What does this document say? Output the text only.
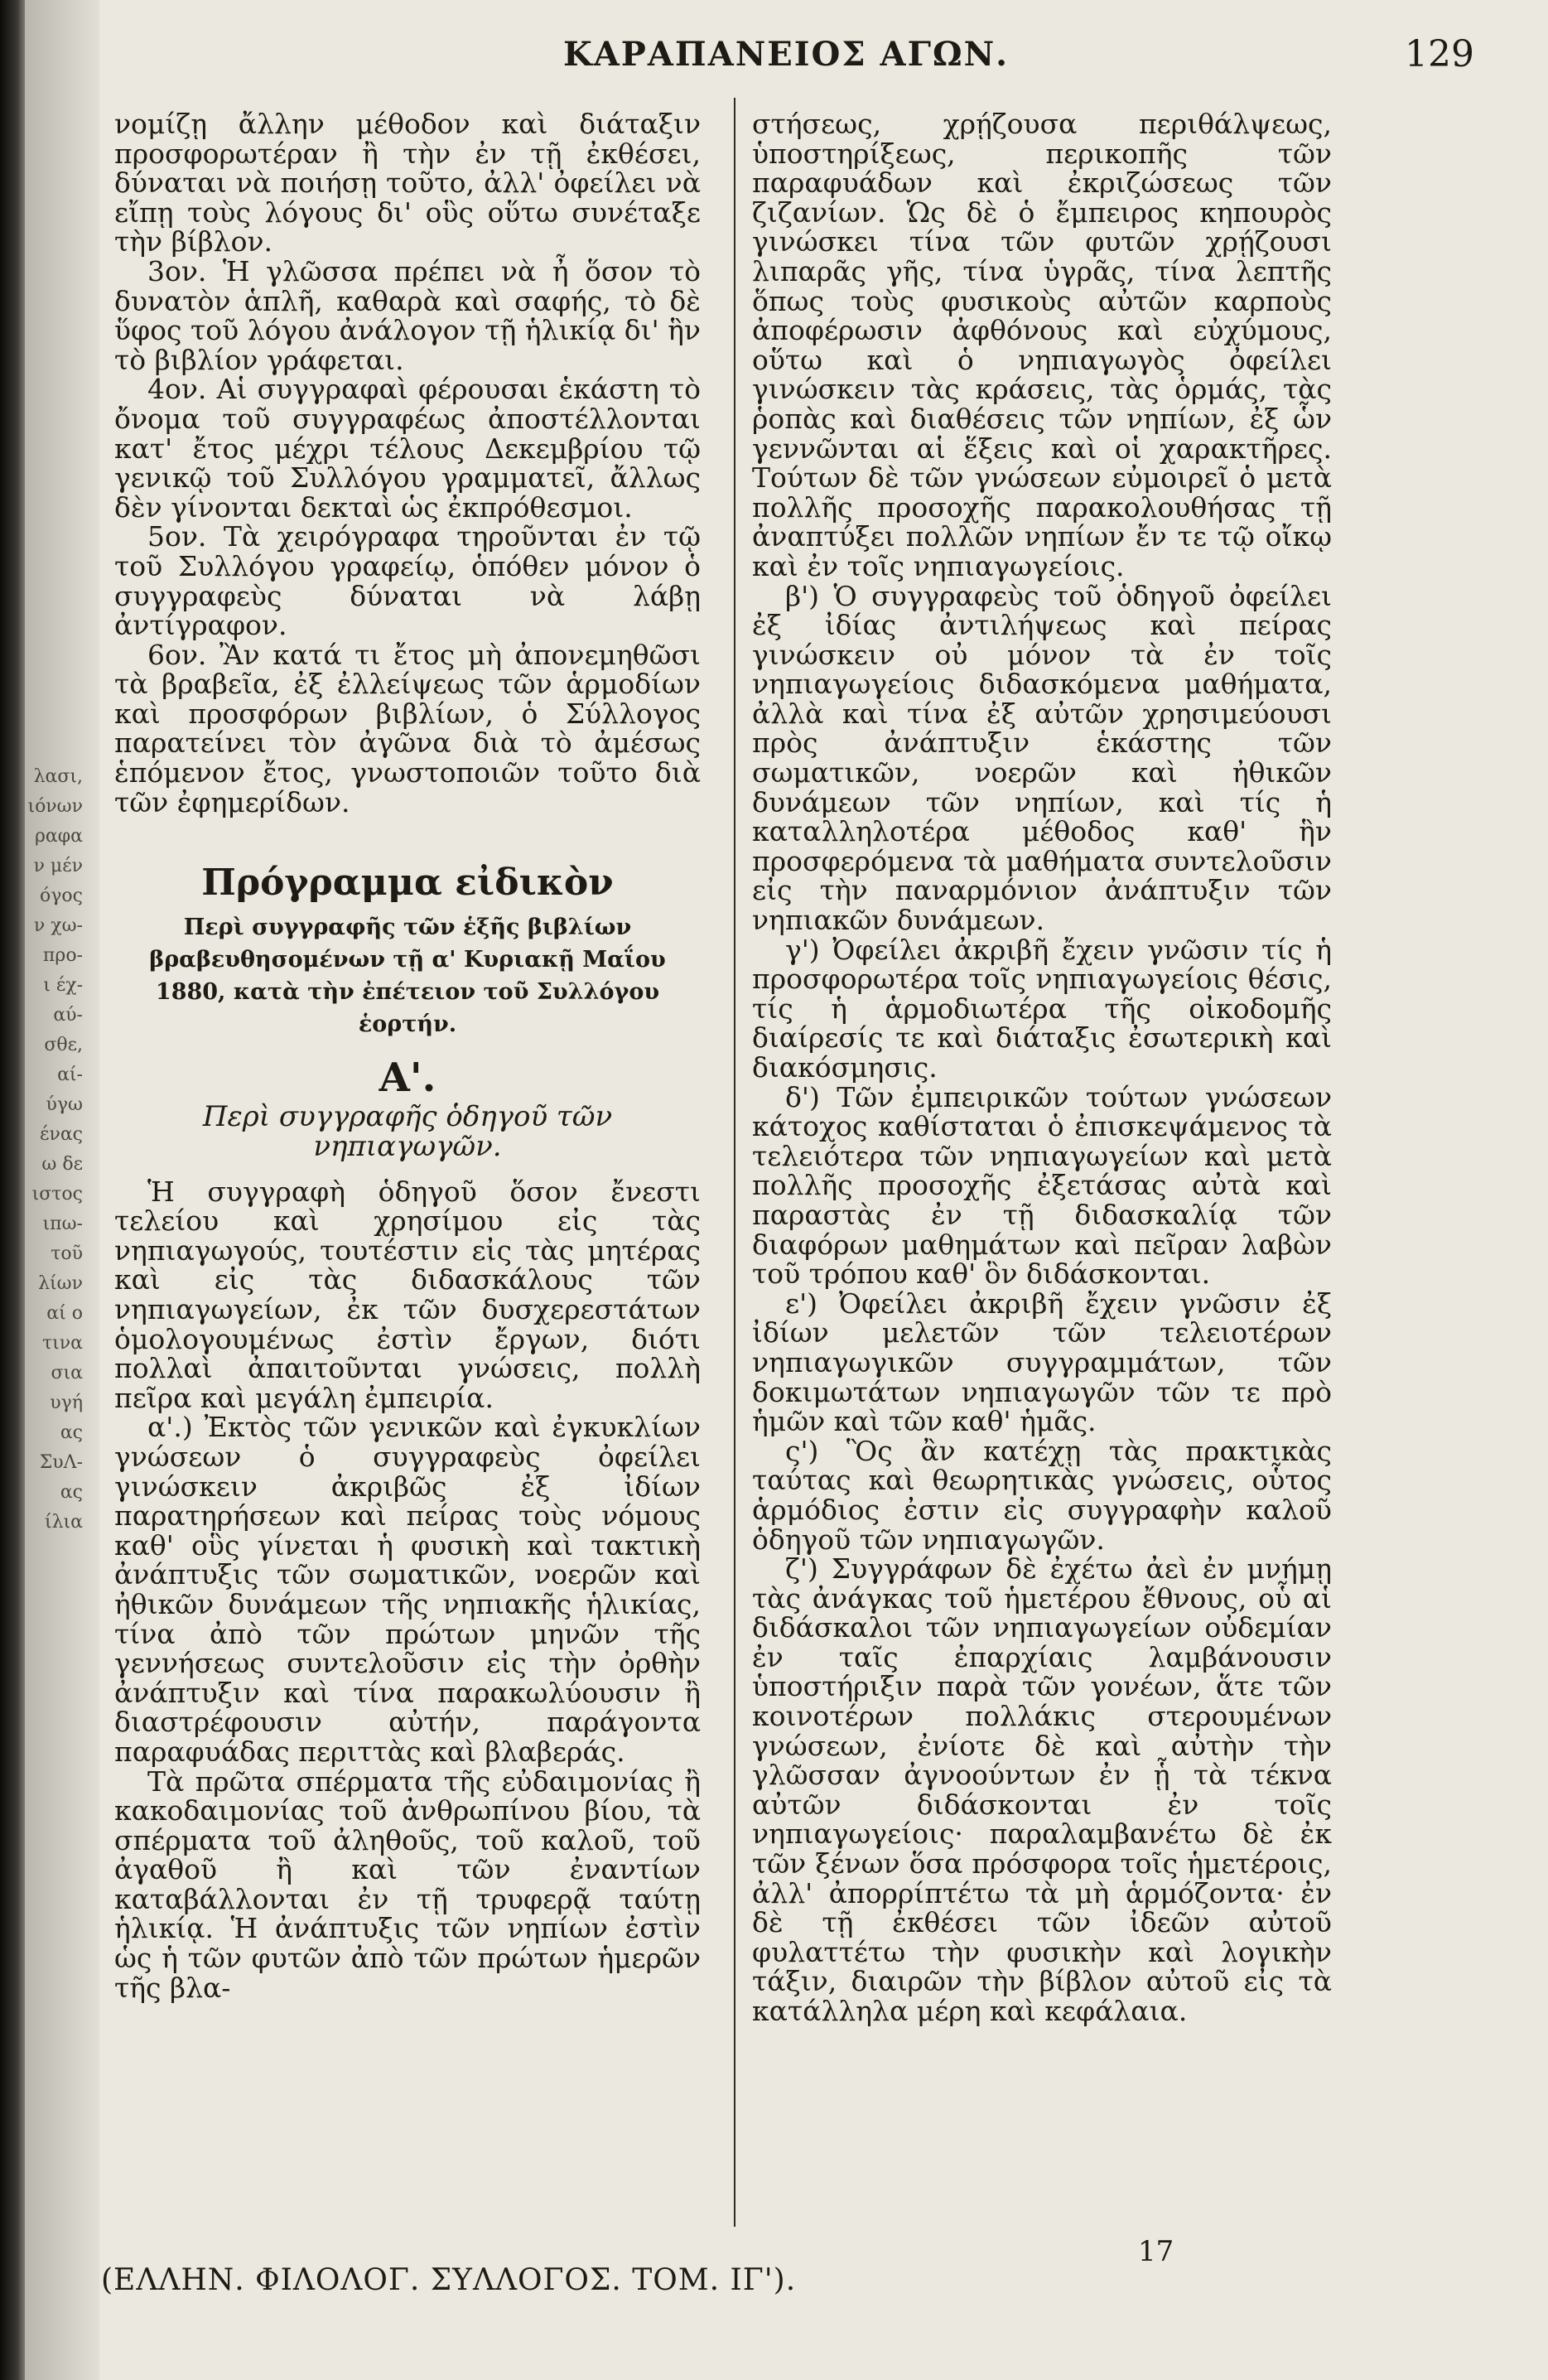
λασι,
ιόνων
ραφα
ν μέν
όγος
ν χω-
προ-
ι έχ-
αύ-
σθε,
αί-
ύγω
ένας
ω δε
ιστος
ιπω-
τοῦ
λίων
αί ο
τινα
σια
υγή
ας
ΣυΛ-
ας
ίλια
ΚΑΡΑΠΑΝΕΙΟΣ ΑΓΩΝ.	129

νομίζῃ ἄλλην μέθοδον καὶ διάταξιν προσφορωτέραν ἢ τὴν ἐν τῇ ἐκθέσει, δύναται νὰ ποιήσῃ τοῦτο, ἀλλ' ὀφείλει νὰ εἴπῃ τοὺς λόγους δι' οὓς οὕτω συνέταξε τὴν βίβλον.

3ον. Ἡ γλῶσσα πρέπει νὰ ἦ ὅσον τὸ δυνατὸν ἁπλῆ, καθαρὰ καὶ σαφής, τὸ δὲ ὕφος τοῦ λόγου ἀνάλογον τῇ ἡλικίᾳ δι' ἣν τὸ βιβλίον γράφεται.

4ον. Αἱ συγγραφαὶ φέρουσαι ἑκάστη τὸ ὄνομα τοῦ συγγραφέως ἀποστέλλονται κατ' ἔτος μέχρι τέλους Δεκεμβρίου τῷ γενικῷ τοῦ Συλλόγου γραμματεῖ, ἄλλως δὲν γίνονται δεκταὶ ὡς ἐκπρόθεσμοι.

5ον. Τὰ χειρόγραφα τηροῦνται ἐν τῷ τοῦ Συλλόγου γραφείῳ, ὁπόθεν μόνον ὁ συγγραφεὺς δύναται νὰ λάβῃ ἀντίγραφον.

6ον. Ἂν κατά τι ἔτος μὴ ἀπονεμηθῶσι τὰ βραβεῖα, ἐξ ἐλλείψεως τῶν ἁρμοδίων καὶ προσφόρων βιβλίων, ὁ Σύλλογος παρατείνει τὸν ἀγῶνα διὰ τὸ ἀμέσως ἑπόμενον ἔτος, γνωστοποιῶν τοῦτο διὰ τῶν ἐφημερίδων.

Πρόγραμμα εἰδικὸν
Περὶ συγγραφῆς τῶν ἑξῆς βιβλίων βραβευθησομένων τῇ α' Κυριακῇ Μαΐου 1880, κατὰ τὴν ἐπέτειον τοῦ Συλλόγου ἑορτήν.
Α'.
Περὶ συγγραφῆς ὁδηγοῦ τῶν νηπιαγωγῶν.

Ἡ συγγραφὴ ὁδηγοῦ ὅσον ἔνεστι τελείου καὶ χρησίμου εἰς τὰς νηπιαγωγούς, τουτέστιν εἰς τὰς μητέρας καὶ εἰς τὰς διδασκάλους τῶν νηπιαγωγείων, ἐκ τῶν δυσχερεστάτων ὁμολογουμένως ἐστὶν ἔργων, διότι πολλαὶ ἀπαιτοῦνται γνώσεις, πολλὴ πεῖρα καὶ μεγάλη ἐμπειρία.

α'.) Ἐκτὸς τῶν γενικῶν καὶ ἐγκυκλίων γνώσεων ὁ συγγραφεὺς ὀφείλει γινώσκειν ἀκριβῶς ἐξ ἰδίων παρατηρήσεων καὶ πείρας τοὺς νόμους καθ' οὓς γίνεται ἡ φυσικὴ καὶ τακτικὴ ἀνάπτυξις τῶν σωματικῶν, νοερῶν καὶ ἠθικῶν δυνάμεων τῆς νηπιακῆς ἡλικίας, τίνα ἀπὸ τῶν πρώτων μηνῶν τῆς γεννήσεως συντελοῦσιν εἰς τὴν ὀρθὴν ἀνάπτυξιν καὶ τίνα παρακωλύουσιν ἢ διαστρέφουσιν αὐτήν, παράγοντα παραφυάδας περιττὰς καὶ βλαβεράς.

Τὰ πρῶτα σπέρματα τῆς εὐδαιμονίας ἢ κακοδαιμονίας τοῦ ἀνθρωπίνου βίου, τὰ σπέρματα τοῦ ἀληθοῦς, τοῦ καλοῦ, τοῦ ἀγαθοῦ ἢ καὶ τῶν ἐναντίων καταβάλλονται ἐν τῇ τρυφερᾷ ταύτῃ ἡλικίᾳ. Ἡ ἀνάπτυξις τῶν νηπίων ἐστὶν ὡς ἡ τῶν φυτῶν ἀπὸ τῶν πρώτων ἡμερῶν τῆς βλα-

στήσεως, χρῄζουσα περιθάλψεως, ὑποστηρίξεως, περικοπῆς τῶν παραφυάδων καὶ ἐκριζώσεως τῶν ζιζανίων. Ὡς δὲ ὁ ἔμπειρος κηπουρὸς γινώσκει τίνα τῶν φυτῶν χρῄζουσι λιπαρᾶς γῆς, τίνα ὑγρᾶς, τίνα λεπτῆς ὅπως τοὺς φυσικοὺς αὐτῶν καρποὺς ἀποφέρωσιν ἀφθόνους καὶ εὐχύμους, οὕτω καὶ ὁ νηπιαγωγὸς ὀφείλει γινώσκειν τὰς κράσεις, τὰς ὁρμάς, τὰς ῥοπὰς καὶ διαθέσεις τῶν νηπίων, ἐξ ὧν γεννῶνται αἱ ἕξεις καὶ οἱ χαρακτῆρες. Τούτων δὲ τῶν γνώσεων εὐμοιρεῖ ὁ μετὰ πολλῆς προσοχῆς παρακολουθήσας τῇ ἀναπτύξει πολλῶν νηπίων ἔν τε τῷ οἴκῳ καὶ ἐν τοῖς νηπιαγωγείοις.

β') Ὁ συγγραφεὺς τοῦ ὁδηγοῦ ὀφείλει ἐξ ἰδίας ἀντιλήψεως καὶ πείρας γινώσκειν οὐ μόνον τὰ ἐν τοῖς νηπιαγωγείοις διδασκόμενα μαθήματα, ἀλλὰ καὶ τίνα ἐξ αὐτῶν χρησιμεύουσι πρὸς ἀνάπτυξιν ἑκάστης τῶν σωματικῶν, νοερῶν καὶ ἠθικῶν δυνάμεων τῶν νηπίων, καὶ τίς ἡ καταλληλοτέρα μέθοδος καθ' ἣν προσφερόμενα τὰ μαθήματα συντελοῦσιν εἰς τὴν παναρμόνιον ἀνάπτυξιν τῶν νηπιακῶν δυνάμεων.

γ') Ὀφείλει ἀκριβῆ ἔχειν γνῶσιν τίς ἡ προσφορωτέρα τοῖς νηπιαγωγείοις θέσις, τίς ἡ ἁρμοδιωτέρα τῆς οἰκοδομῆς διαίρεσίς τε καὶ διάταξις ἐσωτερικὴ καὶ διακόσμησις.

δ') Τῶν ἐμπειρικῶν τούτων γνώσεων κάτοχος καθίσταται ὁ ἐπισκεψάμενος τὰ τελειότερα τῶν νηπιαγωγείων καὶ μετὰ πολλῆς προσοχῆς ἐξετάσας αὐτὰ καὶ παραστὰς ἐν τῇ διδασκαλίᾳ τῶν διαφόρων μαθημάτων καὶ πεῖραν λαβὼν τοῦ τρόπου καθ' ὃν διδάσκονται.

ε') Ὀφείλει ἀκριβῆ ἔχειν γνῶσιν ἐξ ἰδίων μελετῶν τῶν τελειοτέρων νηπιαγωγικῶν συγγραμμάτων, τῶν δοκιμωτάτων νηπιαγωγῶν τῶν τε πρὸ ἡμῶν καὶ τῶν καθ' ἡμᾶς.

ς') Ὃς ἂν κατέχῃ τὰς πρακτικὰς ταύτας καὶ θεωρητικὰς γνώσεις, οὗτος ἁρμόδιος ἐστιν εἰς συγγραφὴν καλοῦ ὁδηγοῦ τῶν νηπιαγωγῶν.

ζ') Συγγράφων δὲ ἐχέτω ἀεὶ ἐν μνήμῃ τὰς ἀνάγκας τοῦ ἡμετέρου ἔθνους, οὗ αἱ διδάσκαλοι τῶν νηπιαγωγείων οὐδεμίαν ἐν ταῖς ἐπαρχίαις λαμβάνουσιν ὑποστήριξιν παρὰ τῶν γονέων, ἅτε τῶν κοινοτέρων πολλάκις στερουμένων γνώσεων, ἐνίοτε δὲ καὶ αὐτὴν τὴν γλῶσσαν ἀγνοούντων ἐν ᾗ τὰ τέκνα αὐτῶν διδάσκονται ἐν τοῖς νηπιαγωγείοις· παραλαμβανέτω δὲ ἐκ τῶν ξένων ὅσα πρόσφορα τοῖς ἡμετέροις, ἀλλ' ἀπορρίπτέτω τὰ μὴ ἁρμόζοντα· ἐν δὲ τῇ ἐκθέσει τῶν ἰδεῶν αὐτοῦ φυλαττέτω τὴν φυσικὴν καὶ λογικὴν τάξιν, διαιρῶν τὴν βίβλον αὐτοῦ εἰς τὰ κατάλληλα μέρη καὶ κεφάλαια.

17
(ΕΛΛΗΝ. ΦΙΛΟΛΟΓ. ΣΥΛΛΟΓΟΣ. ΤΟΜ. ΙΓ').
